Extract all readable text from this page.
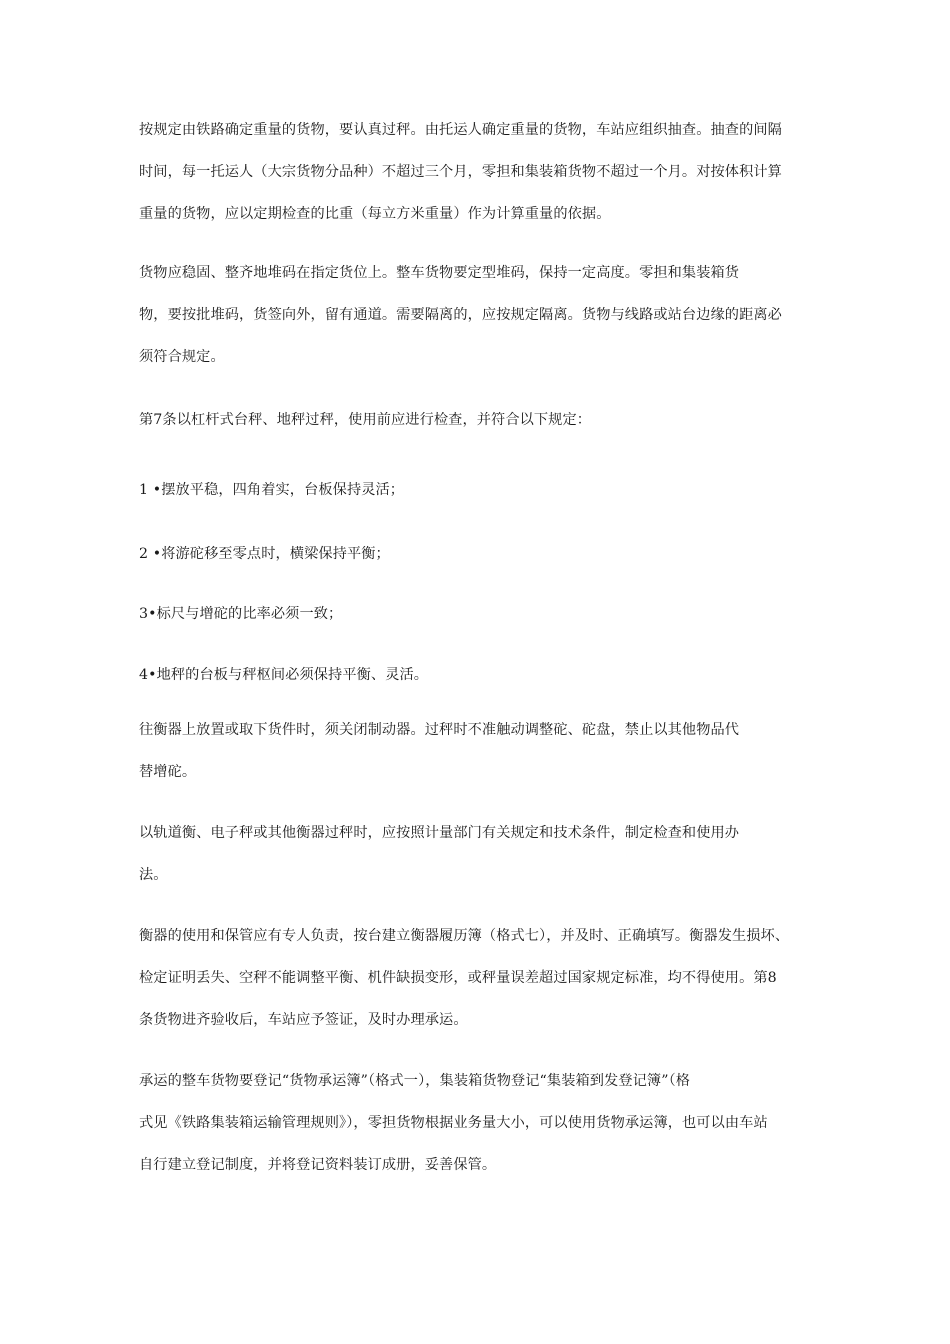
按规定由铁路确定重量的货物，要认真过秤。由托运人确定重量的货物，车站应组织抽查。抽查的间隔
时间，每一托运人（大宗货物分品种）不超过三个月，零担和集装箱货物不超过一个月。对按体积计算
重量的货物，应以定期检查的比重（每立方米重量）作为计算重量的依据。
货物应稳固、整齐地堆码在指定货位上。整车货物要定型堆码，保持一定高度。零担和集装箱货
物，要按批堆码，货签向外，留有通道。需要隔离的，应按规定隔离。货物与线路或站台边缘的距离必
须符合规定。
第7条以杠杆式台秤、地秤过秤，使用前应进行检查，并符合以下规定：
1 •摆放平稳，四角着实，台板保持灵活；
2 •将游砣移至零点时，横梁保持平衡；
3•标尺与增砣的比率必须一致；
4•地秤的台板与秤枢间必须保持平衡、灵活。
往衡器上放置或取下货件时，须关闭制动器。过秤时不准触动调整砣、砣盘，禁止以其他物品代
替增砣。
以轨道衡、电子秤或其他衡器过秤时，应按照计量部门有关规定和技术条件，制定检查和使用办
法。
衡器的使用和保管应有专人负责，按台建立衡器履历簿（格式七），并及时、正确填写。衡器发生损坏、
检定证明丢失、空秤不能调整平衡、机件缺损变形，或秤量误差超过国家规定标准，均不得使用。第8
条货物进齐验收后，车站应予签证，及时办理承运。
承运的整车货物要登记“货物承运簿”（格式一），集装箱货物登记“集装箱到发登记簿”（格
式见《铁路集装箱运输管理规则》），零担货物根据业务量大小，可以使用货物承运簿，也可以由车站
自行建立登记制度，并将登记资料装订成册，妥善保管。
